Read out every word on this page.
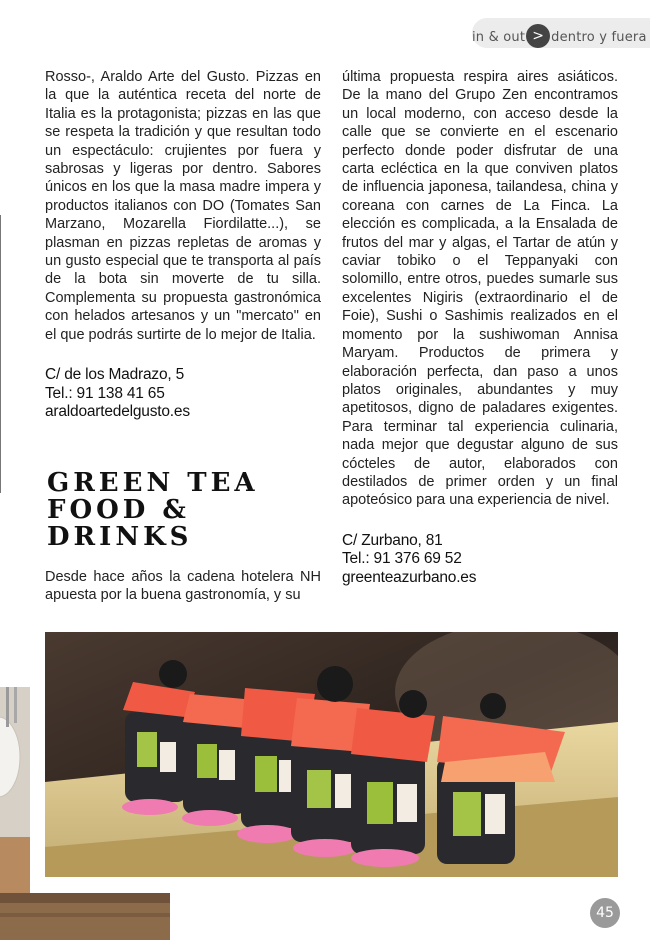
in & out > dentro y fuera

Rosso-, Araldo Arte del Gusto. Pizzas en la que la auténtica receta del norte de Italia es la protagonista; pizzas en las que se respeta la tradición y que resultan todo un espectáculo: crujientes por fuera y sabrosas y ligeras por dentro. Sabores únicos en los que la masa madre impera y productos italianos con DO (Tomates San Marzano, Mozarella Fiordilatte...), se plasman en pizzas repletas de aromas y un gusto especial que te transporta al país de la bota sin moverte de tu silla. Complementa su propuesta gastronómica con helados artesanos y un "mercato" en el que podrás surtirte de lo mejor de Italia.

C/ de los Madrazo, 5
Tel.: 91 138 41 65
araldoartedelgusto.es
GREEN TEA
FOOD &
DRINKS
Desde hace años la cadena hotelera NH apuesta por la buena gastronomía, y su

última propuesta respira aires asiáticos. De la mano del Grupo Zen encontramos un local moderno, con acceso desde la calle que se convierte en el escenario perfecto donde poder disfrutar de una carta ecléctica en la que conviven platos de influencia japonesa, tailandesa, china y coreana con carnes de La Finca. La elección es complicada, a la Ensalada de frutos del mar y algas, el Tartar de atún y caviar tobiko o el Teppanyaki con solomillo, entre otros, puedes sumarle sus excelentes Nigiris (extraordinario el de Foie), Sushi o Sashimis realizados en el momento por la sushiwoman Annisa Maryam. Productos de primera y elaboración perfecta, dan paso a unos platos originales, abundantes y muy apetitosos, digno de paladares exigentes. Para terminar tal experiencia culinaria, nada mejor que degustar alguno de sus cócteles de autor, elaborados con destilados de primer orden y un final apoteósico para una experiencia de nivel.

C/ Zurbano, 81
Tel.: 91 376 69 52
greenteazurbano.es
45
